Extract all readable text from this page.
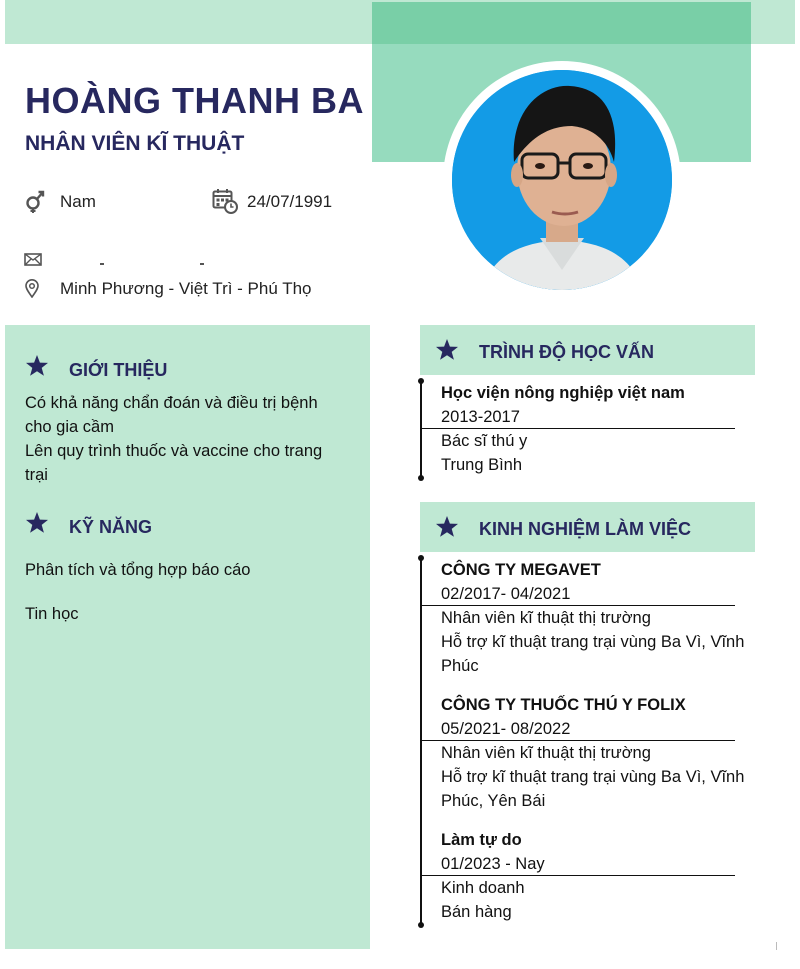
HOÀNG THANH BA
NHÂN VIÊN KĨ THUẬT
Nam	24/07/1991
Minh Phương - Việt Trì - Phú Thọ
GIỚI THIỆU
Có khả năng chẩn đoán và điều trị bệnh
cho gia cầm
Lên quy trình thuốc và vaccine cho trang
trại
KỸ NĂNG
Phân tích và tổng hợp báo cáo
Tin học
TRÌNH ĐỘ HỌC VẤN
Học viện nông nghiệp việt nam
2013-2017
Bác sĩ thú y
Trung Bình
KINH NGHIỆM LÀM VIỆC
CÔNG TY MEGAVET
02/2017- 04/2021
Nhân viên kĩ thuật thị trường
Hỗ trợ kĩ thuật trang trại vùng Ba Vì, Vĩnh
Phúc
CÔNG TY THUỐC THÚ Y FOLIX
05/2021- 08/2022
Nhân viên kĩ thuật thị trường
Hỗ trợ kĩ thuật trang trại vùng Ba Vì, Vĩnh
Phúc, Yên Bái
Làm tự do
01/2023 - Nay
Kinh doanh
Bán hàng
